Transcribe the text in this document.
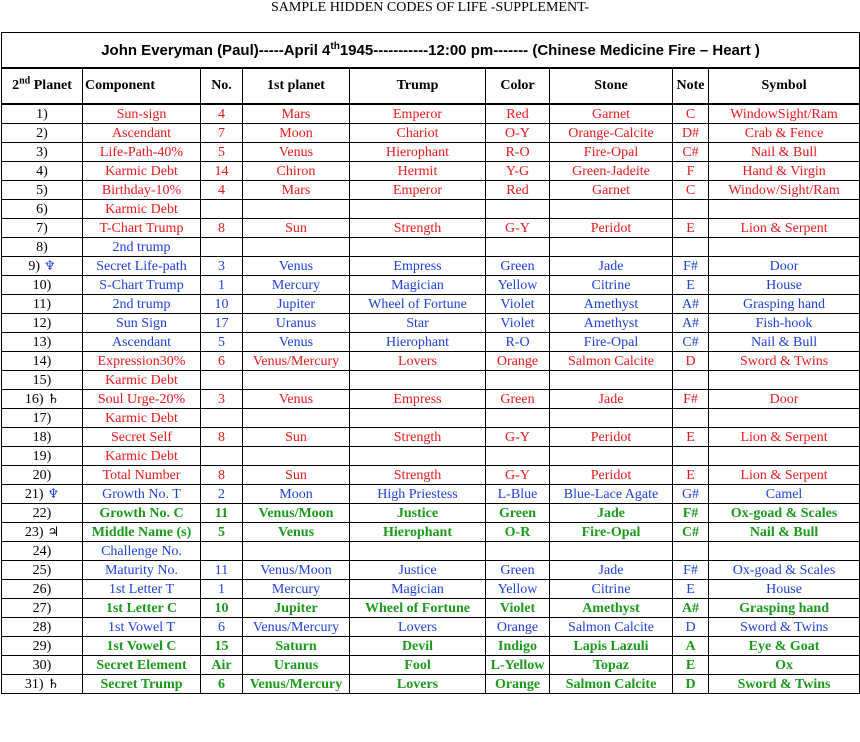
SAMPLE HIDDEN CODES OF LIFE -SUPPLEMENT-
John Everyman (Paul)-----April 4th1945-----------12:00 pm------- (Chinese Medicine Fire – Heart )								
2nd Planet	Component	No.	1st planet	Trump	Color	Stone	Note	Symbol
1)	Sun-sign	4	Mars	Emperor	Red	Garnet	C	WindowSight/Ram
2)	Ascendant	7	Moon	Chariot	O-Y	Orange-Calcite	D#	Crab & Fence
3)	Life-Path-40%	5	Venus	Hierophant	R-O	Fire-Opal	C#	Nail & Bull
4)	Karmic Debt	14	Chiron	Hermit	Y-G	Green-Jadeite	F	Hand & Virgin
5)	Birthday-10%	4	Mars	Emperor	Red	Garnet	C	Window/Sight/Ram
6)	Karmic Debt							
7)	T-Chart Trump	8	Sun	Strength	G-Y	Peridot	E	Lion & Serpent
8)	2nd trump							
9) ♆	Secret Life-path	3	Venus	Empress	Green	Jade	F#	Door
10)	S-Chart Trump	1	Mercury	Magician	Yellow	Citrine	E	House
11)	2nd trump	10	Jupiter	Wheel of Fortune	Violet	Amethyst	A#	Grasping hand
12)	Sun Sign	17	Uranus	Star	Violet	Amethyst	A#	Fish-hook
13)	Ascendant	5	Venus	Hierophant	R-O	Fire-Opal	C#	Nail & Bull
14)	Expression30%	6	Venus/Mercury	Lovers	Orange	Salmon Calcite	D	Sword & Twins
15)	Karmic Debt							
16) ♄	Soul Urge-20%	3	Venus	Empress	Green	Jade	F#	Door
17)	Karmic Debt							
18)	Secret Self	8	Sun	Strength	G-Y	Peridot	E	Lion & Serpent
19)	Karmic Debt							
20)	Total Number	8	Sun	Strength	G-Y	Peridot	E	Lion & Serpent
21) ♆	Growth No. T	2	Moon	High Priestess	L-Blue	Blue-Lace Agate	G#	Camel
22)	Growth No. C	11	Venus/Moon	Justice	Green	Jade	F#	Ox-goad & Scales
23) ♃	Middle Name (s)	5	Venus	Hierophant	O-R	Fire-Opal	C#	Nail & Bull
24)	Challenge No.							
25)	Maturity No.	11	Venus/Moon	Justice	Green	Jade	F#	Ox-goad & Scales
26)	1st Letter T	1	Mercury	Magician	Yellow	Citrine	E	House
27)	1st Letter C	10	Jupiter	Wheel of Fortune	Violet	Amethyst	A#	Grasping hand
28)	1st Vowel T	6	Venus/Mercury	Lovers	Orange	Salmon Calcite	D	Sword & Twins
29)	1st Vowel C	15	Saturn	Devil	Indigo	Lapis Lazuli	A	Eye & Goat
30)	Secret Element	Air	Uranus	Fool	L-Yellow	Topaz	E	Ox
31) ♄	Secret Trump	6	Venus/Mercury	Lovers	Orange	Salmon Calcite	D	Sword & Twins
